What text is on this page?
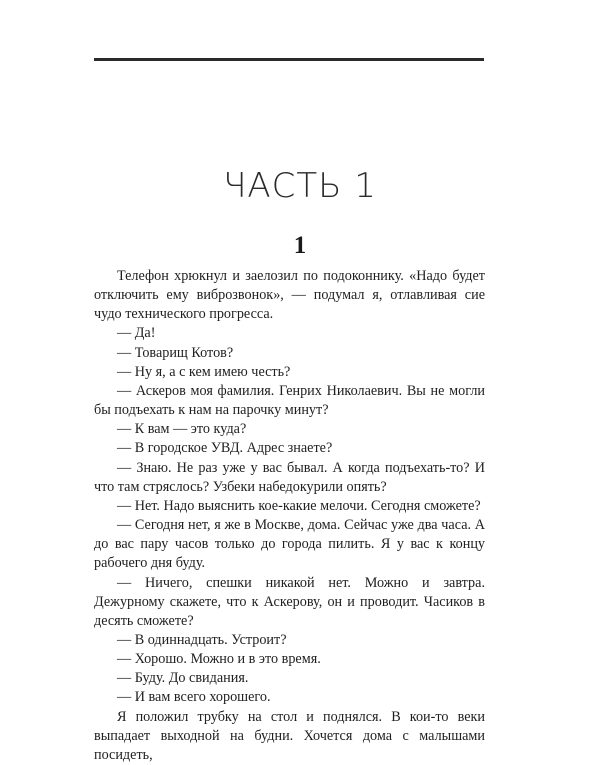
ЧАСТЬ 1
1

Телефон хрюкнул и заелозил по подоконнику. «Надо будет отключить ему виброзвонок», — подумал я, отлавливая сие чудо технического прогресса.

— Да!

— Товарищ Котов?

— Ну я, а с кем имею честь?

— Аскеров моя фамилия. Генрих Николаевич. Вы не могли бы подъехать к нам на парочку минут?

— К вам — это куда?

— В городское УВД. Адрес знаете?

— Знаю. Не раз уже у вас бывал. А когда подъехать-то? И что там стряслось? Узбеки набедокурили опять?

— Нет. Надо выяснить кое-какие мелочи. Сегодня сможете?

— Сегодня нет, я же в Москве, дома. Сейчас уже два часа. А до вас пару часов только до города пилить. Я у вас к концу рабочего дня буду.

— Ничего, спешки никакой нет. Можно и завтра. Дежурному скажете, что к Аскерову, он и проводит. Часиков в десять сможете?

— В одиннадцать. Устроит?

— Хорошо. Можно и в это время.

— Буду. До свидания.

— И вам всего хорошего.

Я положил трубку на стол и поднялся. В кои-то веки выпадает выходной на будни. Хочется дома с малышами посидеть,
